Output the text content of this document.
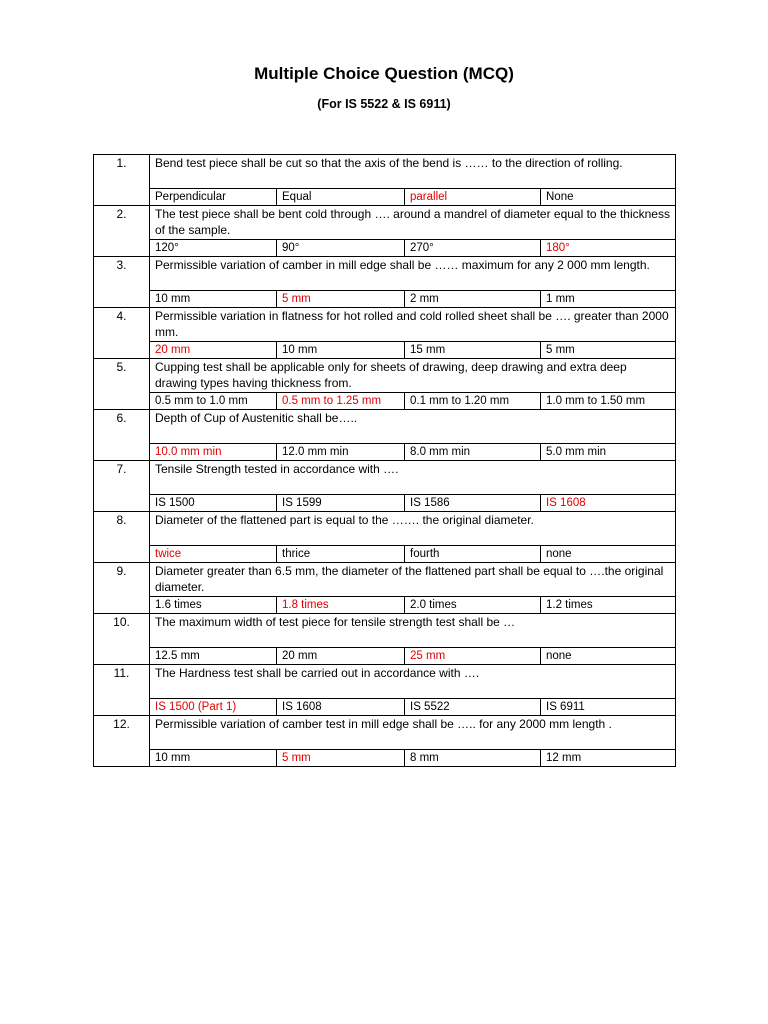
Multiple Choice Question (MCQ)
(For IS 5522 & IS 6911)
1.	Bend test piece shall be cut so that the axis of the bend is …… to the direction of rolling.			
	Perpendicular	Equal	parallel	None
2.	The test piece shall be bent cold through …. around a mandrel of diameter equal to the thickness of the sample.			
	120°	90°	270°	180°
3.	Permissible variation of camber in mill edge shall be …… maximum for any 2 000 mm length.			
	10 mm	5 mm	2 mm	1 mm
4.	Permissible variation in flatness for hot rolled and cold rolled sheet shall be …. greater than 2000 mm.			
	20 mm	10 mm	15 mm	5 mm
5.	Cupping test shall be applicable only for sheets of drawing, deep drawing and extra deep drawing types having thickness from.			
	0.5 mm to 1.0 mm	0.5 mm to 1.25 mm	0.1 mm to 1.20 mm	1.0 mm to 1.50 mm
6.	Depth of Cup of Austenitic shall be…..			
	10.0 mm min	12.0 mm min	8.0 mm min	5.0 mm min
7.	Tensile Strength tested in accordance with ….			
	IS 1500	IS 1599	IS 1586	IS 1608
8.	Diameter of the flattened part is equal to the ……. the original diameter.			
	twice	thrice	fourth	none
9.	Diameter greater than 6.5 mm, the diameter of the flattened part shall be equal to ….the original diameter.			
	1.6 times	1.8 times	2.0 times	1.2 times
10.	The maximum width of test piece for tensile strength test shall be …			
	12.5 mm	20 mm	25 mm	none
11.	The Hardness test shall be carried out in accordance with ….			
	IS 1500 (Part 1)	IS 1608	IS 5522	IS 6911
12.	Permissible variation of camber test in mill edge shall be ….. for any 2000 mm length .			
	10 mm	5 mm	8 mm	12 mm
